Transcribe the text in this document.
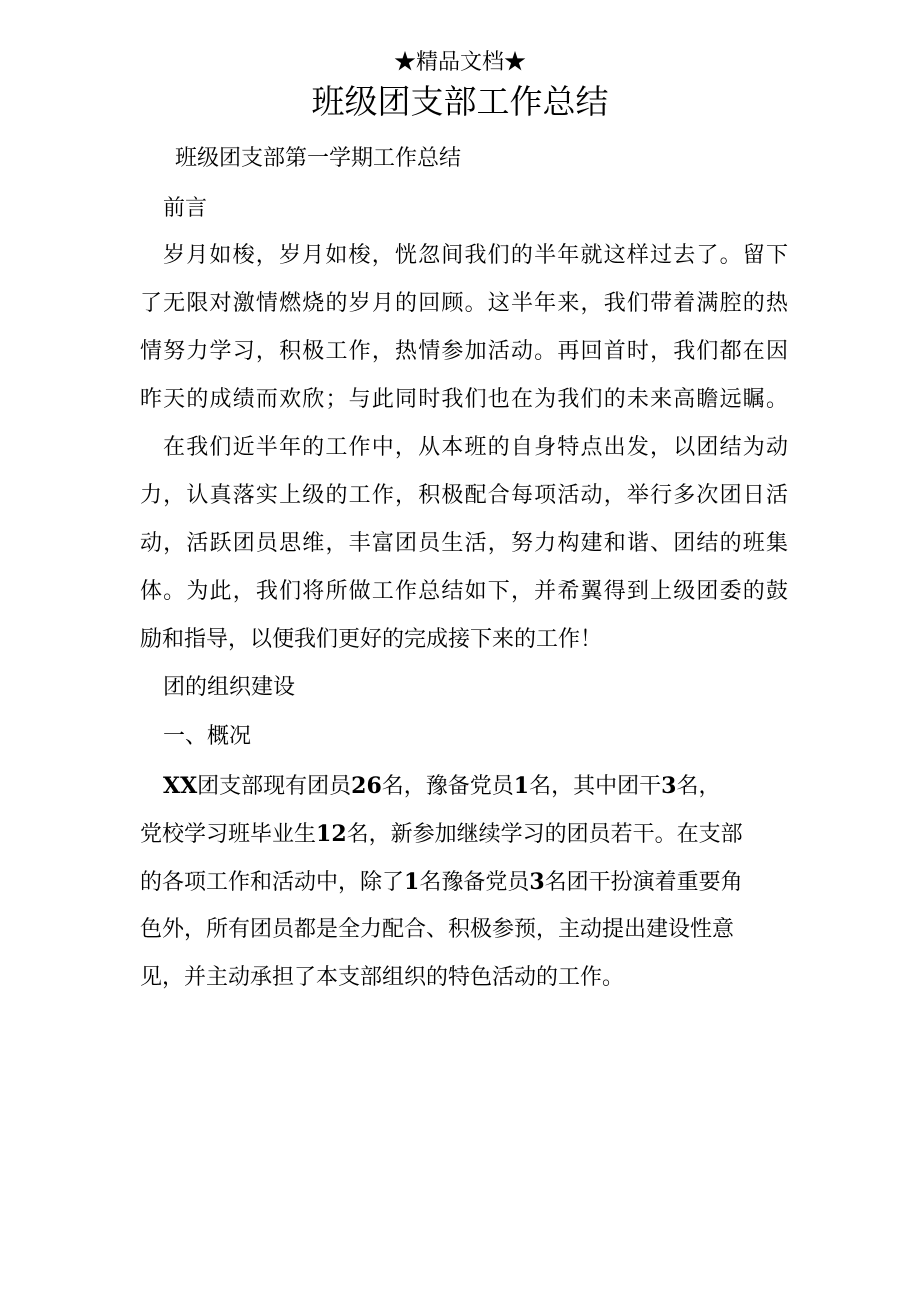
★精品文档★
班级团支部工作总结
班级团支部第一学期工作总结
前言
岁月如梭，岁月如梭，恍忽间我们的半年就这样过去了。留下
了无限对激情燃烧的岁月的回顾。这半年来，我们带着满腔的热
情努力学习，积极工作，热情参加活动。再回首时，我们都在因
昨天的成绩而欢欣；与此同时我们也在为我们的未来高瞻远瞩。
在我们近半年的工作中，从本班的自身特点出发，以团结为动
力，认真落实上级的工作，积极配合每项活动，举行多次团日活
动，活跃团员思维，丰富团员生活，努力构建和谐、团结的班集
体。为此，我们将所做工作总结如下，并希翼得到上级团委的鼓
励和指导，以便我们更好的完成接下来的工作！
团的组织建设
一、概况
XX团支部现有团员26名，豫备党员1名，其中团干3名，
党校学习班毕业生12名，新参加继续学习的团员若干。在支部
的各项工作和活动中，除了1名豫备党员3名团干扮演着重要角
色外，所有团员都是全力配合、积极参预，主动提出建设性意
见，并主动承担了本支部组织的特色活动的工作。
